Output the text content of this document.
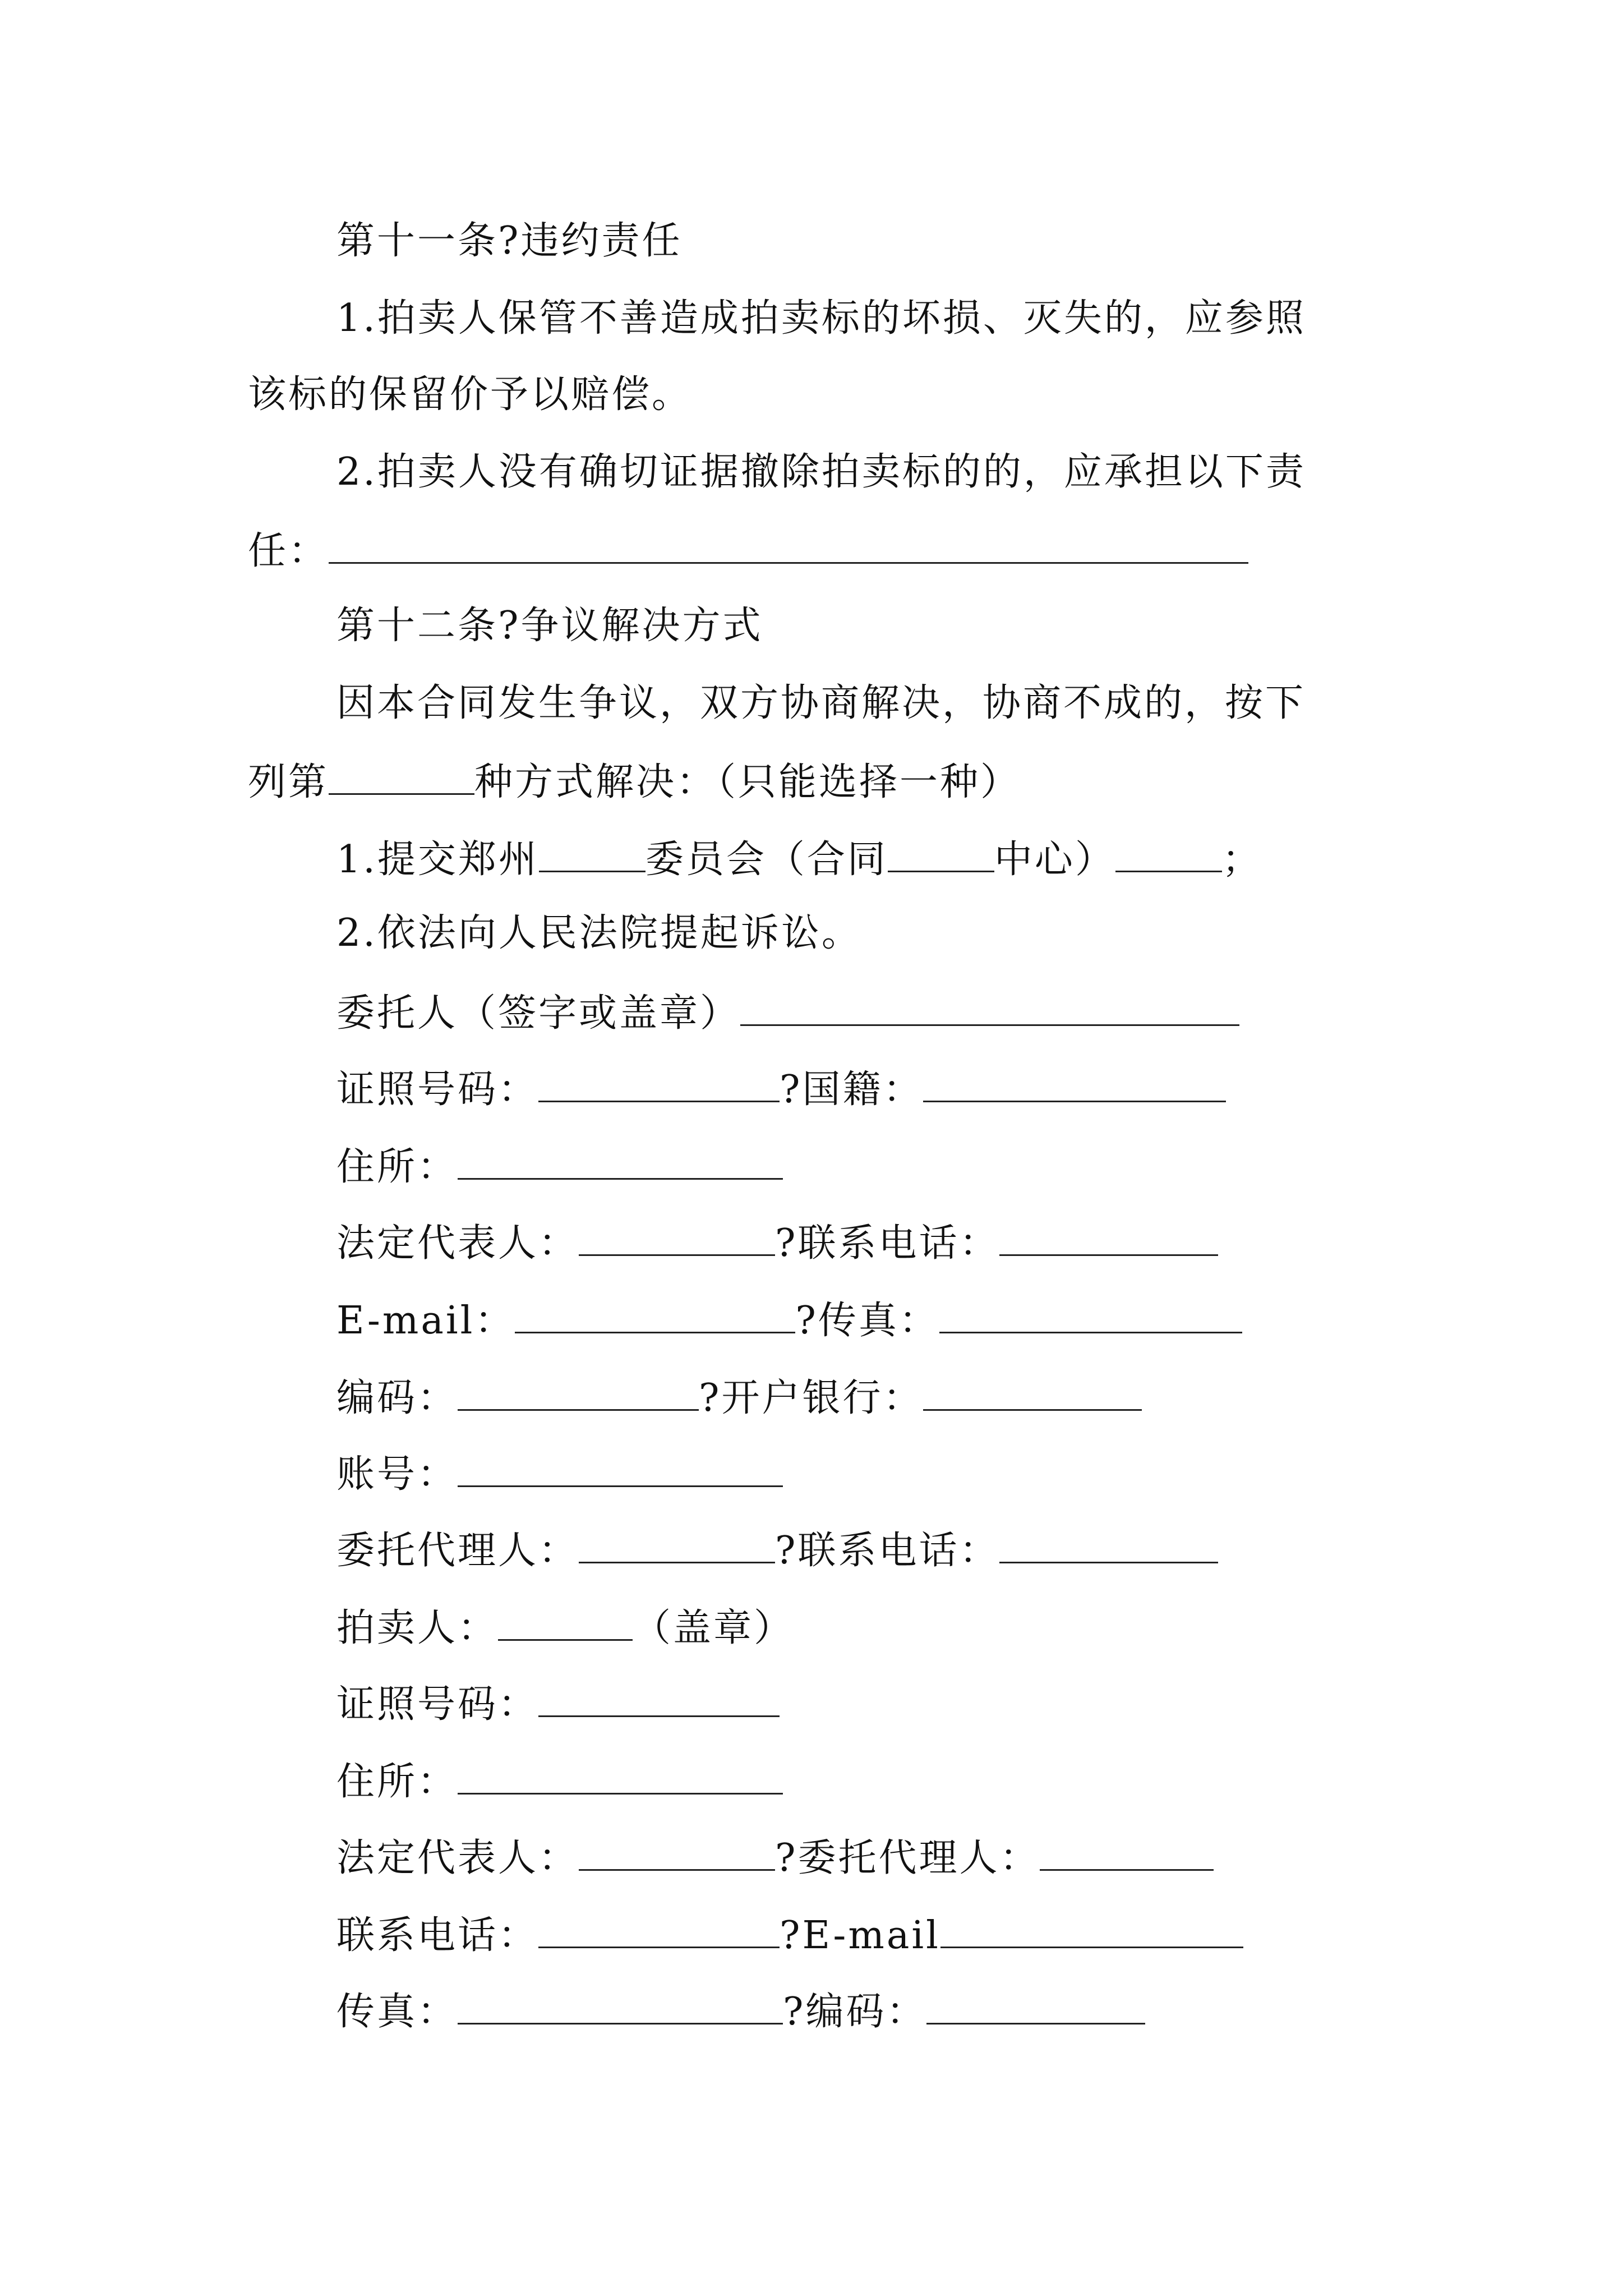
第十一条?违约责任
1.拍卖人保管不善造成拍卖标的坏损、灭失的，应参照
该标的保留价予以赔偿。
2.拍卖人没有确切证据撤除拍卖标的的，应承担以下责
任：
第十二条?争议解决方式
因本合同发生争议，双方协商解决，协商不成的，按下
列第	种方式解决：（只能选择一种）
1.提交郑州	委员会（合同	中心）	；
2.依法向人民法院提起诉讼。
委托人（签字或盖章）
证照号码：	?国籍：
住所：
法定代表人：	?联系电话：
E-mail：	?传真：
编码：	?开户银行：
账号：
委托代理人：	?联系电话：
拍卖人：	（盖章）
证照号码：
住所：
法定代表人：	?委托代理人：
联系电话：	?E-mail
传真：	?编码：
